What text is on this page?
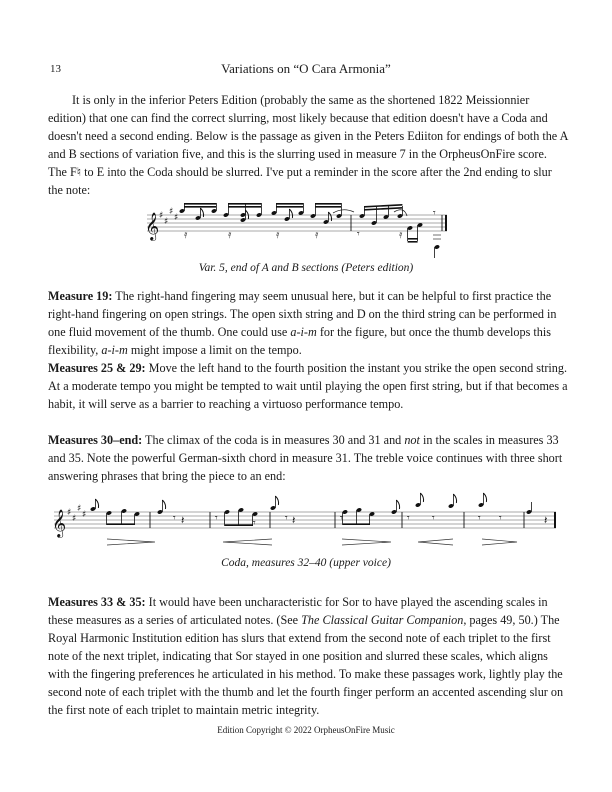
13	Variations on “O Cara Armonia”

It is only in the inferior Peters Edition (probably the same as the shortened 1822 Meissionnier edition) that one can find the correct slurring, most likely because that edition doesn't have a Coda and doesn't need a second ending. Below is the passage as given in the Peters Ediiton for endings of both the A and B sections of variation five, and this is the slurring used in measure 7 in the OrpheusOnFire score. The F♮ to E into the Coda should be slurred. I've put a reminder in the score after the 2nd ending to slur the note:

𝄞 ♯
♯
♯
♯
𝄿	𝄿	𝄿	𝄿	𝄾	𝄿
𝄾
Var. 5, end of A and B sections (Peters edition)

Measure 19: The right-hand fingering may seem unusual here, but it can be helpful to first practice the right-hand fingering on open strings. The open sixth string and D on the third string can be performed in one fluid movement of the thumb. One could use a-i-m for the figure, but once the thumb develops this flexibility, a-i-m might impose a limit on the tempo.

Measures 25 & 29: Move the left hand to the fourth position the instant you strike the open second string. At a moderate tempo you might be tempted to wait until playing the open first string, but if that becomes a habit, it will serve as a barrier to reaching a virtuoso performance tempo.

Measures 30–end: The climax of the coda is in measures 30 and 31 and not in the scales in measures 33 and 35. Note the powerful German-sixth chord in measure 31. The treble voice continues with three short answering phrases that bring the piece to an end:

𝄞 ♯
♯
♯
♯	𝄾	𝄾	𝄾	𝄾	𝄾	𝄾 𝄾	𝄾 𝄾
𝄽	𝄽	𝄽
Coda, measures 32–40 (upper voice)

Measures 33 & 35: It would have been uncharacteristic for Sor to have played the ascending scales in these measures as a series of articulated notes. (See The Classical Guitar Companion, pages 49, 50.) The Royal Harmonic Institution edition has slurs that extend from the second note of each triplet to the first note of the next triplet, indicating that Sor stayed in one position and slurred these scales, which aligns with the fingering preferences he articulated in his method. To make these passages work, lightly play the second note of each triplet with the thumb and let the fourth finger perform an accented ascending slur on the first note of each triplet to maintain metric integrity.

Edition Copyright © 2022 OrpheusOnFire Music
